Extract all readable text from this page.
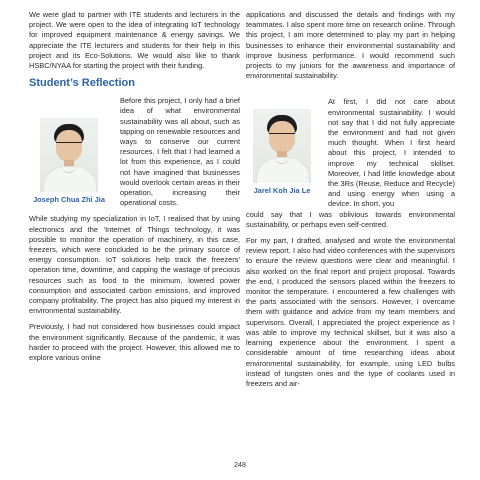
We were glad to partner with ITE students and lecturers in the project. We were open to the idea of integrating IoT technology for improved equipment maintenance & energy savings. We appreciate the ITE lecturers and students for their help in this project and its Eco-Solutions. We would also like to thank HSBC/NYAA for starting the project with their funding.

Student’s Reflection
Joseph Chua Zhi Jia

Before this project, I only had a brief idea of what environmental sustainability was all about, such as tapping on renewable resources and ways to conserve our current resources. I felt that I had learned a lot from this experience, as I could not have imagined that businesses would overlook certain areas in their operation, increasing their operational costs.

While studying my specialization in IoT, I realised that by using electronics and the ‘Internet of Things technology, it was possible to monitor the operation of machinery, in this case, freezers, which were concluded to be the primary source of energy consumption. IoT solutions help track the freezers’ operation time, downtime, and capping the wastage of precious resources such as food to the minimum, lowered power consumption and associated carbon emissions, and improved company profitability. The project has also piqued my interest in environmental sustainability.

Previously, I had not considered how businesses could impact the environment significantly. Because of the pandemic, it was harder to proceed with the project. However, this allowed me to explore various online

applications and discussed the details and findings with my teammates. I also spent more time on research online. Through this project, I am more determined to play my part in helping businesses to enhance their environmental sustainability and improve business performance. I would recommend such projects to my juniors for the awareness and importance of environmental sustainability.

Jarel Koh Jia Le

At first, I did not care about environmental sustainability. I would not say that I did not fully appreciate the environment and had not given much thought. When I first heard about this project, I intended to improve my technical skillset. Moreover, I had little knowledge about the 3Rs (Reuse, Reduce and Recycle) and using energy when using a device. In short, you

could say that I was oblivious towards environmental sustainability, or perhaps even self-centred.

For my part, I drafted, analysed and wrote the environmental review report. I also had video conferences with the supervisors to ensure the review questions were clear and meaningful. I also worked on the final report and project proposal. Towards the end, I produced the sensors placed within the freezers to monitor the temperature. I encountered a few challenges with the parts associated with the sensors. However, I overcame them with guidance and advice from my team members and supervisors. Overall, I appreciated the project experience as I was able to improve my technical skillset, but it was also a learning experience about the environment. I spent a considerable amount of time researching ideas about environmental sustainability, for example, using LED bulbs instead of tungsten ones and the type of coolants used in freezers and air-

248
